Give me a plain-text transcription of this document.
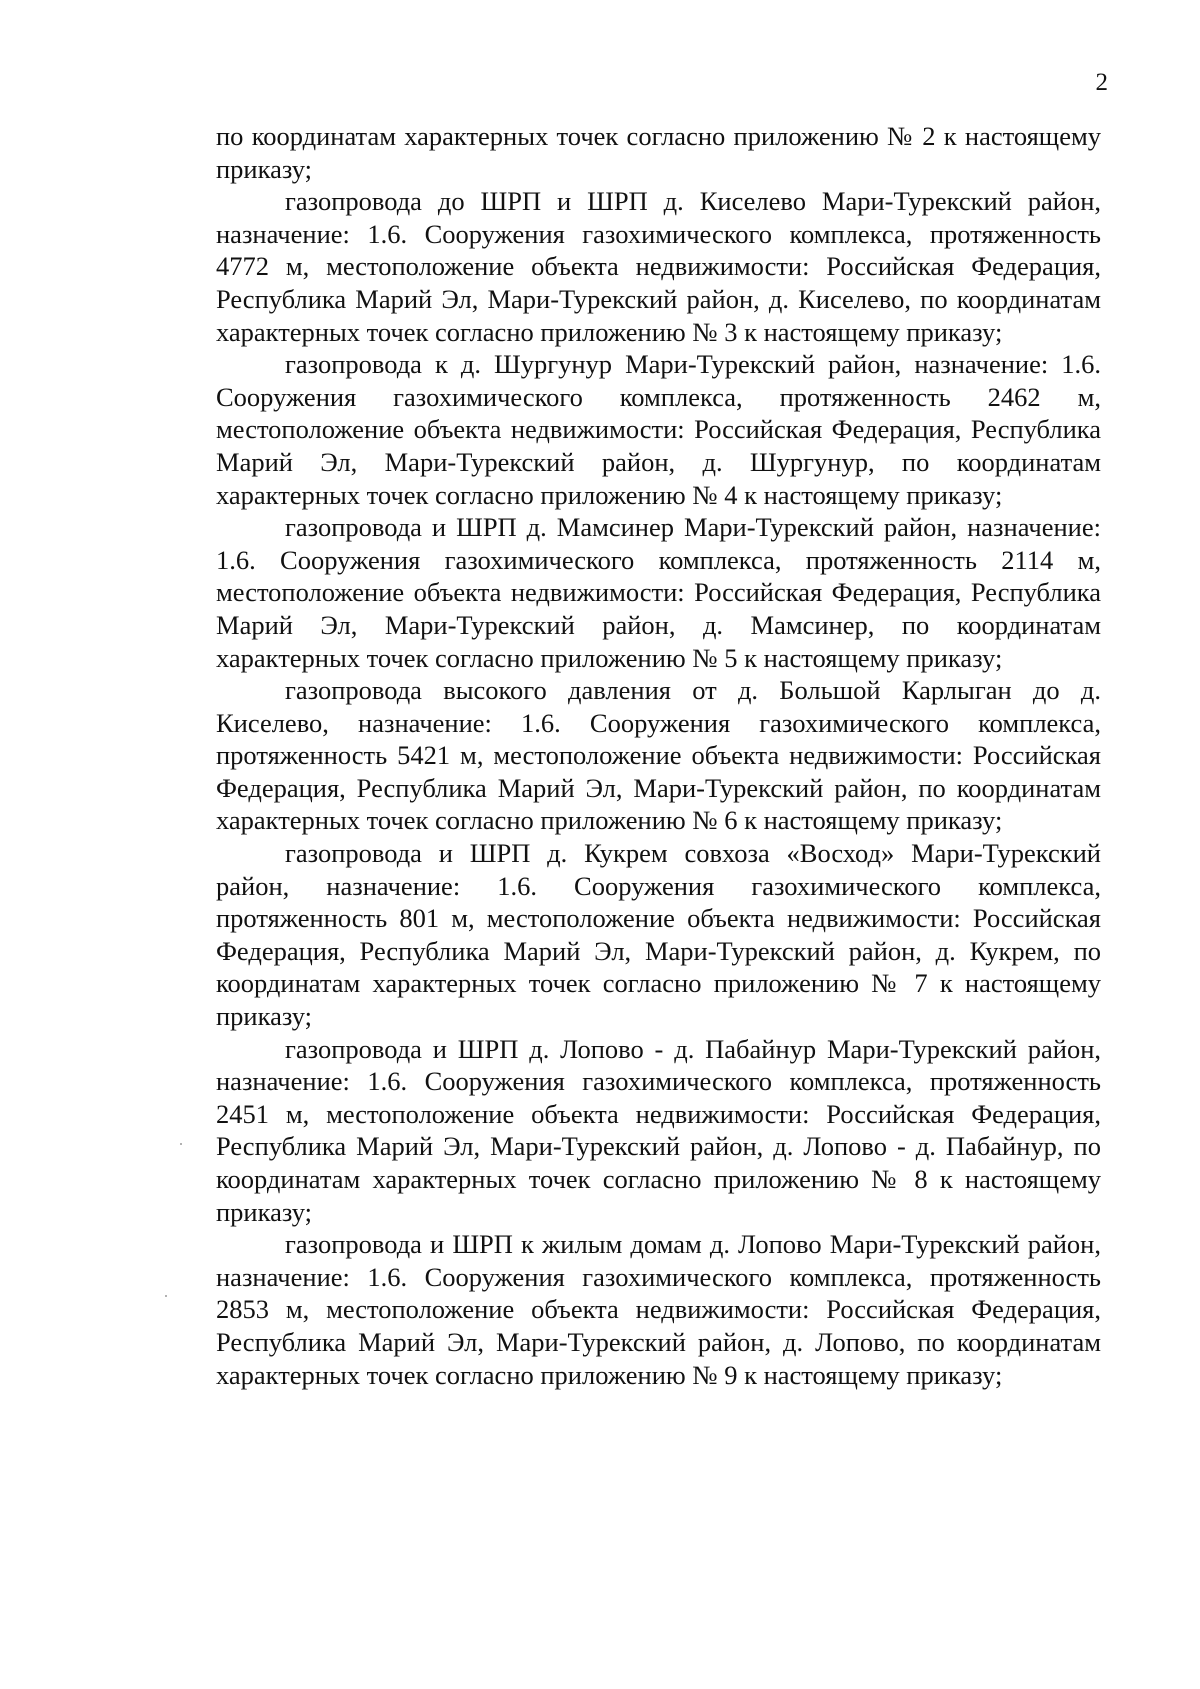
2

по координатам характерных точек согласно приложению № 2 к настоящему приказу;

газопровода до ШРП и ШРП д. Киселево Мари-Турекский район, назначение: 1.6. Сооружения газохимического комплекса, протяженность 4772 м, местоположение объекта недвижимости: Российская Федерация, Республика Марий Эл, Мари-Турекский район, д. Киселево, по координатам характерных точек согласно приложению № 3 к настоящему приказу;

газопровода к д. Шургунур Мари-Турекский район, назначение: 1.6. Сооружения газохимического комплекса, протяженность 2462 м, местоположение объекта недвижимости: Российская Федерация, Республика Марий Эл, Мари-Турекский район, д. Шургунур, по координатам характерных точек согласно приложению № 4 к настоящему приказу;

газопровода и ШРП д. Мамсинер Мари-Турекский район, назначение: 1.6. Сооружения газохимического комплекса, протяженность 2114 м, местоположение объекта недвижимости: Российская Федерация, Республика Марий Эл, Мари-Турекский район, д. Мамсинер, по координатам характерных точек согласно приложению № 5 к настоящему приказу;

газопровода высокого давления от д. Большой Карлыган до д. Киселево, назначение: 1.6. Сооружения газохимического комплекса, протяженность 5421 м, местоположение объекта недвижимости: Российская Федерация, Республика Марий Эл, Мари-Турекский район, по координатам характерных точек согласно приложению № 6 к настоящему приказу;

газопровода и ШРП д. Кукрем совхоза «Восход» Мари-Турекский район, назначение: 1.6. Сооружения газохимического комплекса, протяженность 801 м, местоположение объекта недвижимости: Российская Федерация, Республика Марий Эл, Мари-Турекский район, д. Кукрем, по координатам характерных точек согласно приложению № 7 к настоящему приказу;

газопровода и ШРП д. Лопово - д. Пабайнур Мари-Турекский район, назначение: 1.6. Сооружения газохимического комплекса, протяженность 2451 м, местоположение объекта недвижимости: Российская Федерация, Республика Марий Эл, Мари-Турекский район, д. Лопово - д. Пабайнур, по координатам характерных точек согласно приложению № 8 к настоящему приказу;

газопровода и ШРП к жилым домам д. Лопово Мари-Турекский район, назначение: 1.6. Сооружения газохимического комплекса, протяженность 2853 м, местоположение объекта недвижимости: Российская Федерация, Республика Марий Эл, Мари-Турекский район, д. Лопово, по координатам характерных точек согласно приложению № 9 к настоящему приказу;
